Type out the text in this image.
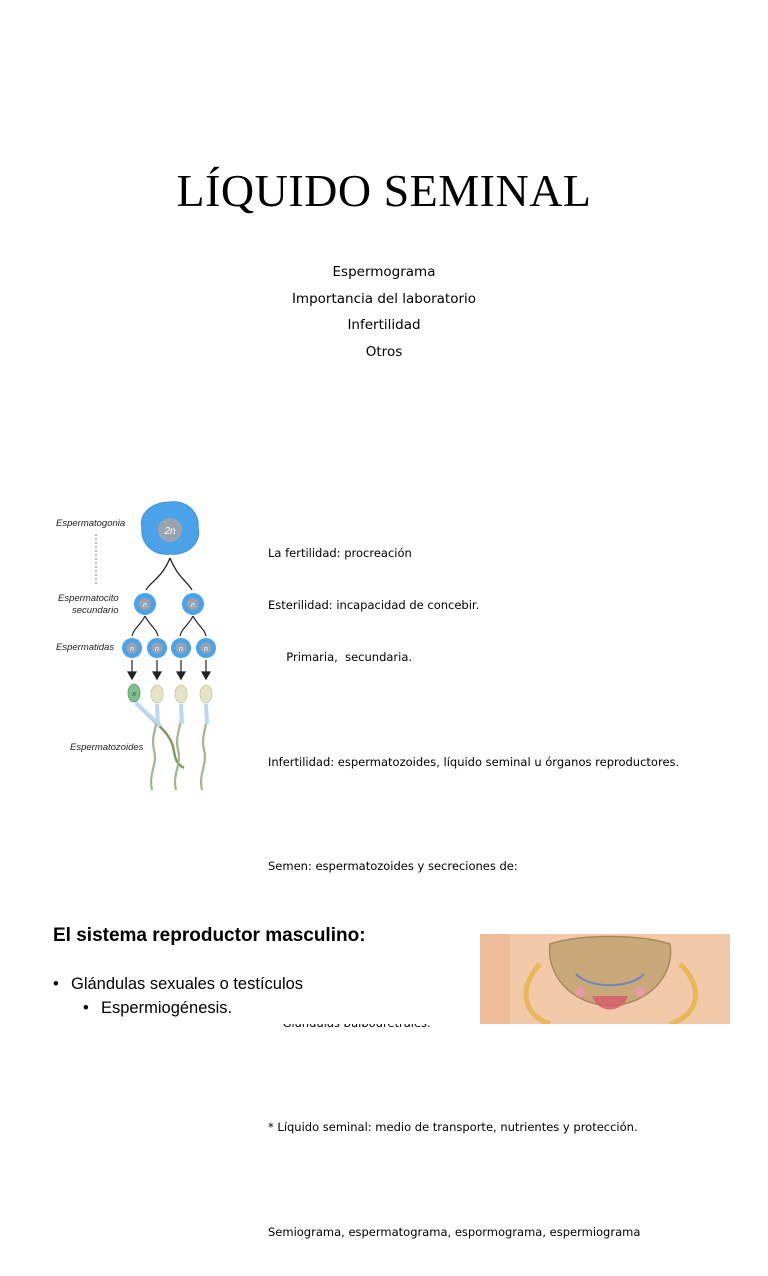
LÍQUIDO SEMINAL
Espermograma
Importancia del laboratorio
Infertilidad
Otros
Espermatogonia
Espermatocito
secundario
Espermatidas
Espermatozoides
2n
n	n
n	n	n	n
n

La fertilidad: procreación

Esterilidad: incapacidad de concebir.

Primaria,  secundaria.

Infertilidad: espermatozoides, líquido seminal u órganos reproductores.

Semen: espermatozoides y secreciones de:

* Líquido seminal: medio de transporte, nutrientes y protección.

Semiograma, espermatograma, espormograma, espermiograma

El sistema reproductor masculino:
• Glándulas sexuales o testículos
• Espermiogénesis.
